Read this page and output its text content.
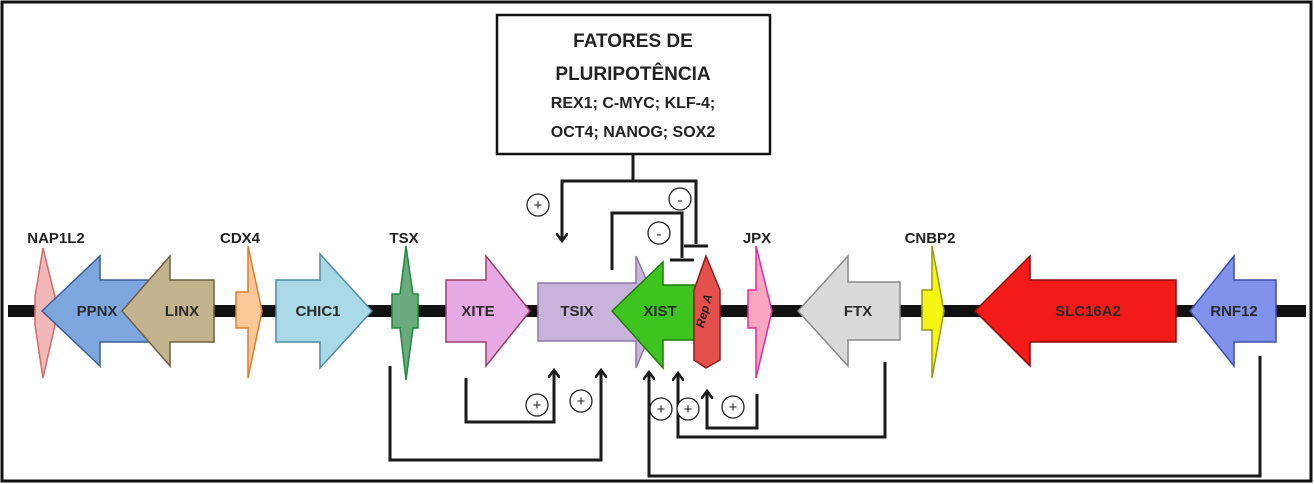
FATORES DE
PLURIPOTÊNCIA
REX1; C-MYC; KLF-4;
OCT4; NANOG; SOX2
PPNX	LINX	CHIC1	XITE	TSIX	XIST Rep A	FTX	SLC16A2	RNF12
NAP1L2	CDX4	TSX	JPX	CNBP2
+	-
-
+ +	+ + +
